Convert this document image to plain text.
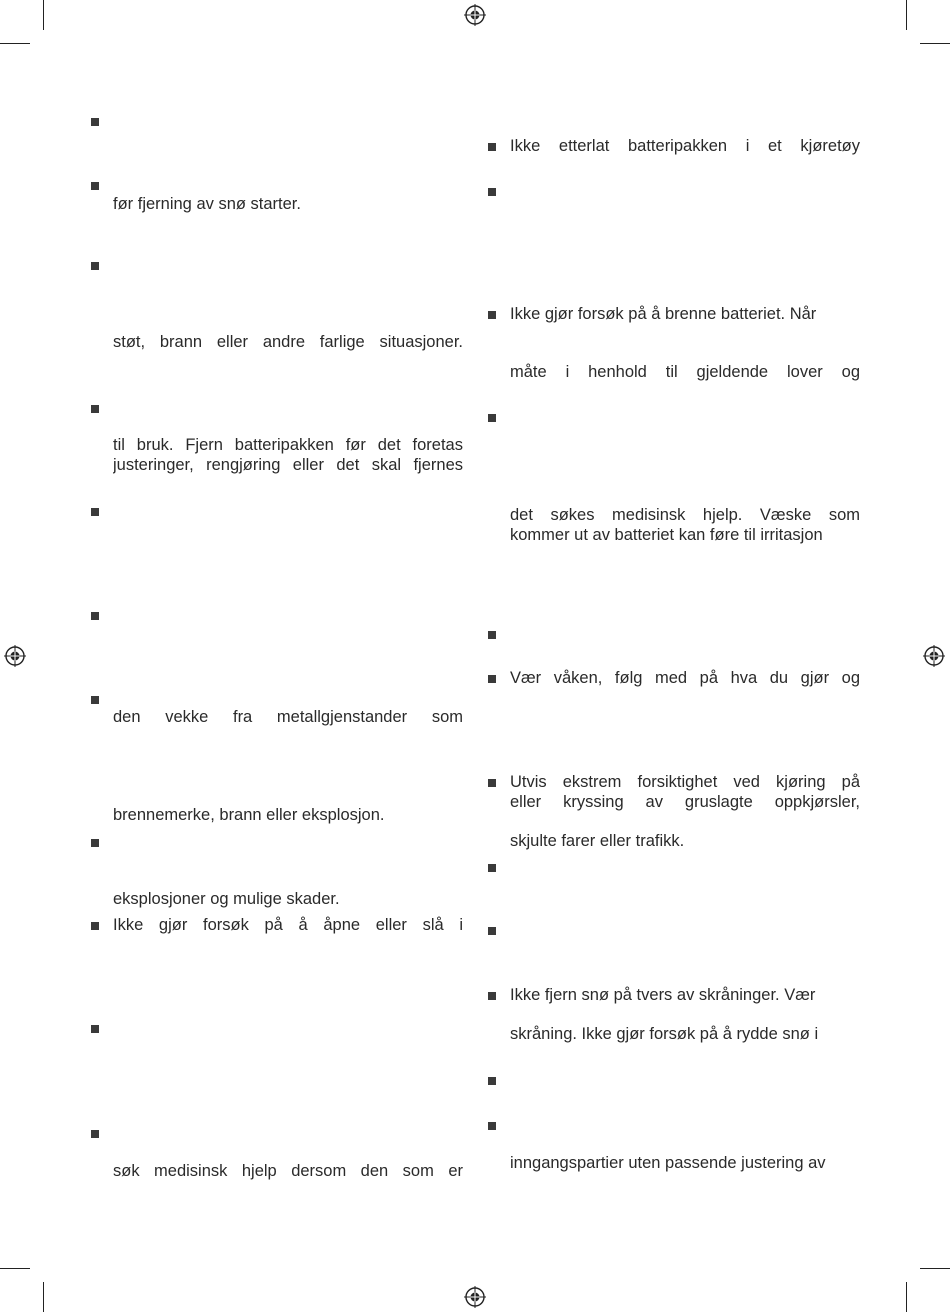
før fjerning av snø starter.
støt, brann eller andre farlige situasjoner.
til bruk. Fjern batteripakken før det foretas
justeringer, rengjøring eller det skal fjernes
den vekke fra metallgjenstander som
brennemerke, brann eller eksplosjon.
eksplosjoner og mulige skader.
Ikke gjør forsøk på å åpne eller slå i
søk medisinsk hjelp dersom den som er
Ikke etterlat batteripakken i et kjøretøy
Ikke gjør forsøk på å brenne batteriet. Når
måte i henhold til gjeldende lover og
det søkes medisinsk hjelp. Væske som
kommer ut av batteriet kan føre til irritasjon
Vær våken, følg med på hva du gjør og
Utvis ekstrem forsiktighet ved kjøring på
eller kryssing av gruslagte oppkjørsler,
skjulte farer eller trafikk.
Ikke fjern snø på tvers av skråninger. Vær
skråning. Ikke gjør forsøk på å rydde snø i
inngangspartier uten passende justering av
